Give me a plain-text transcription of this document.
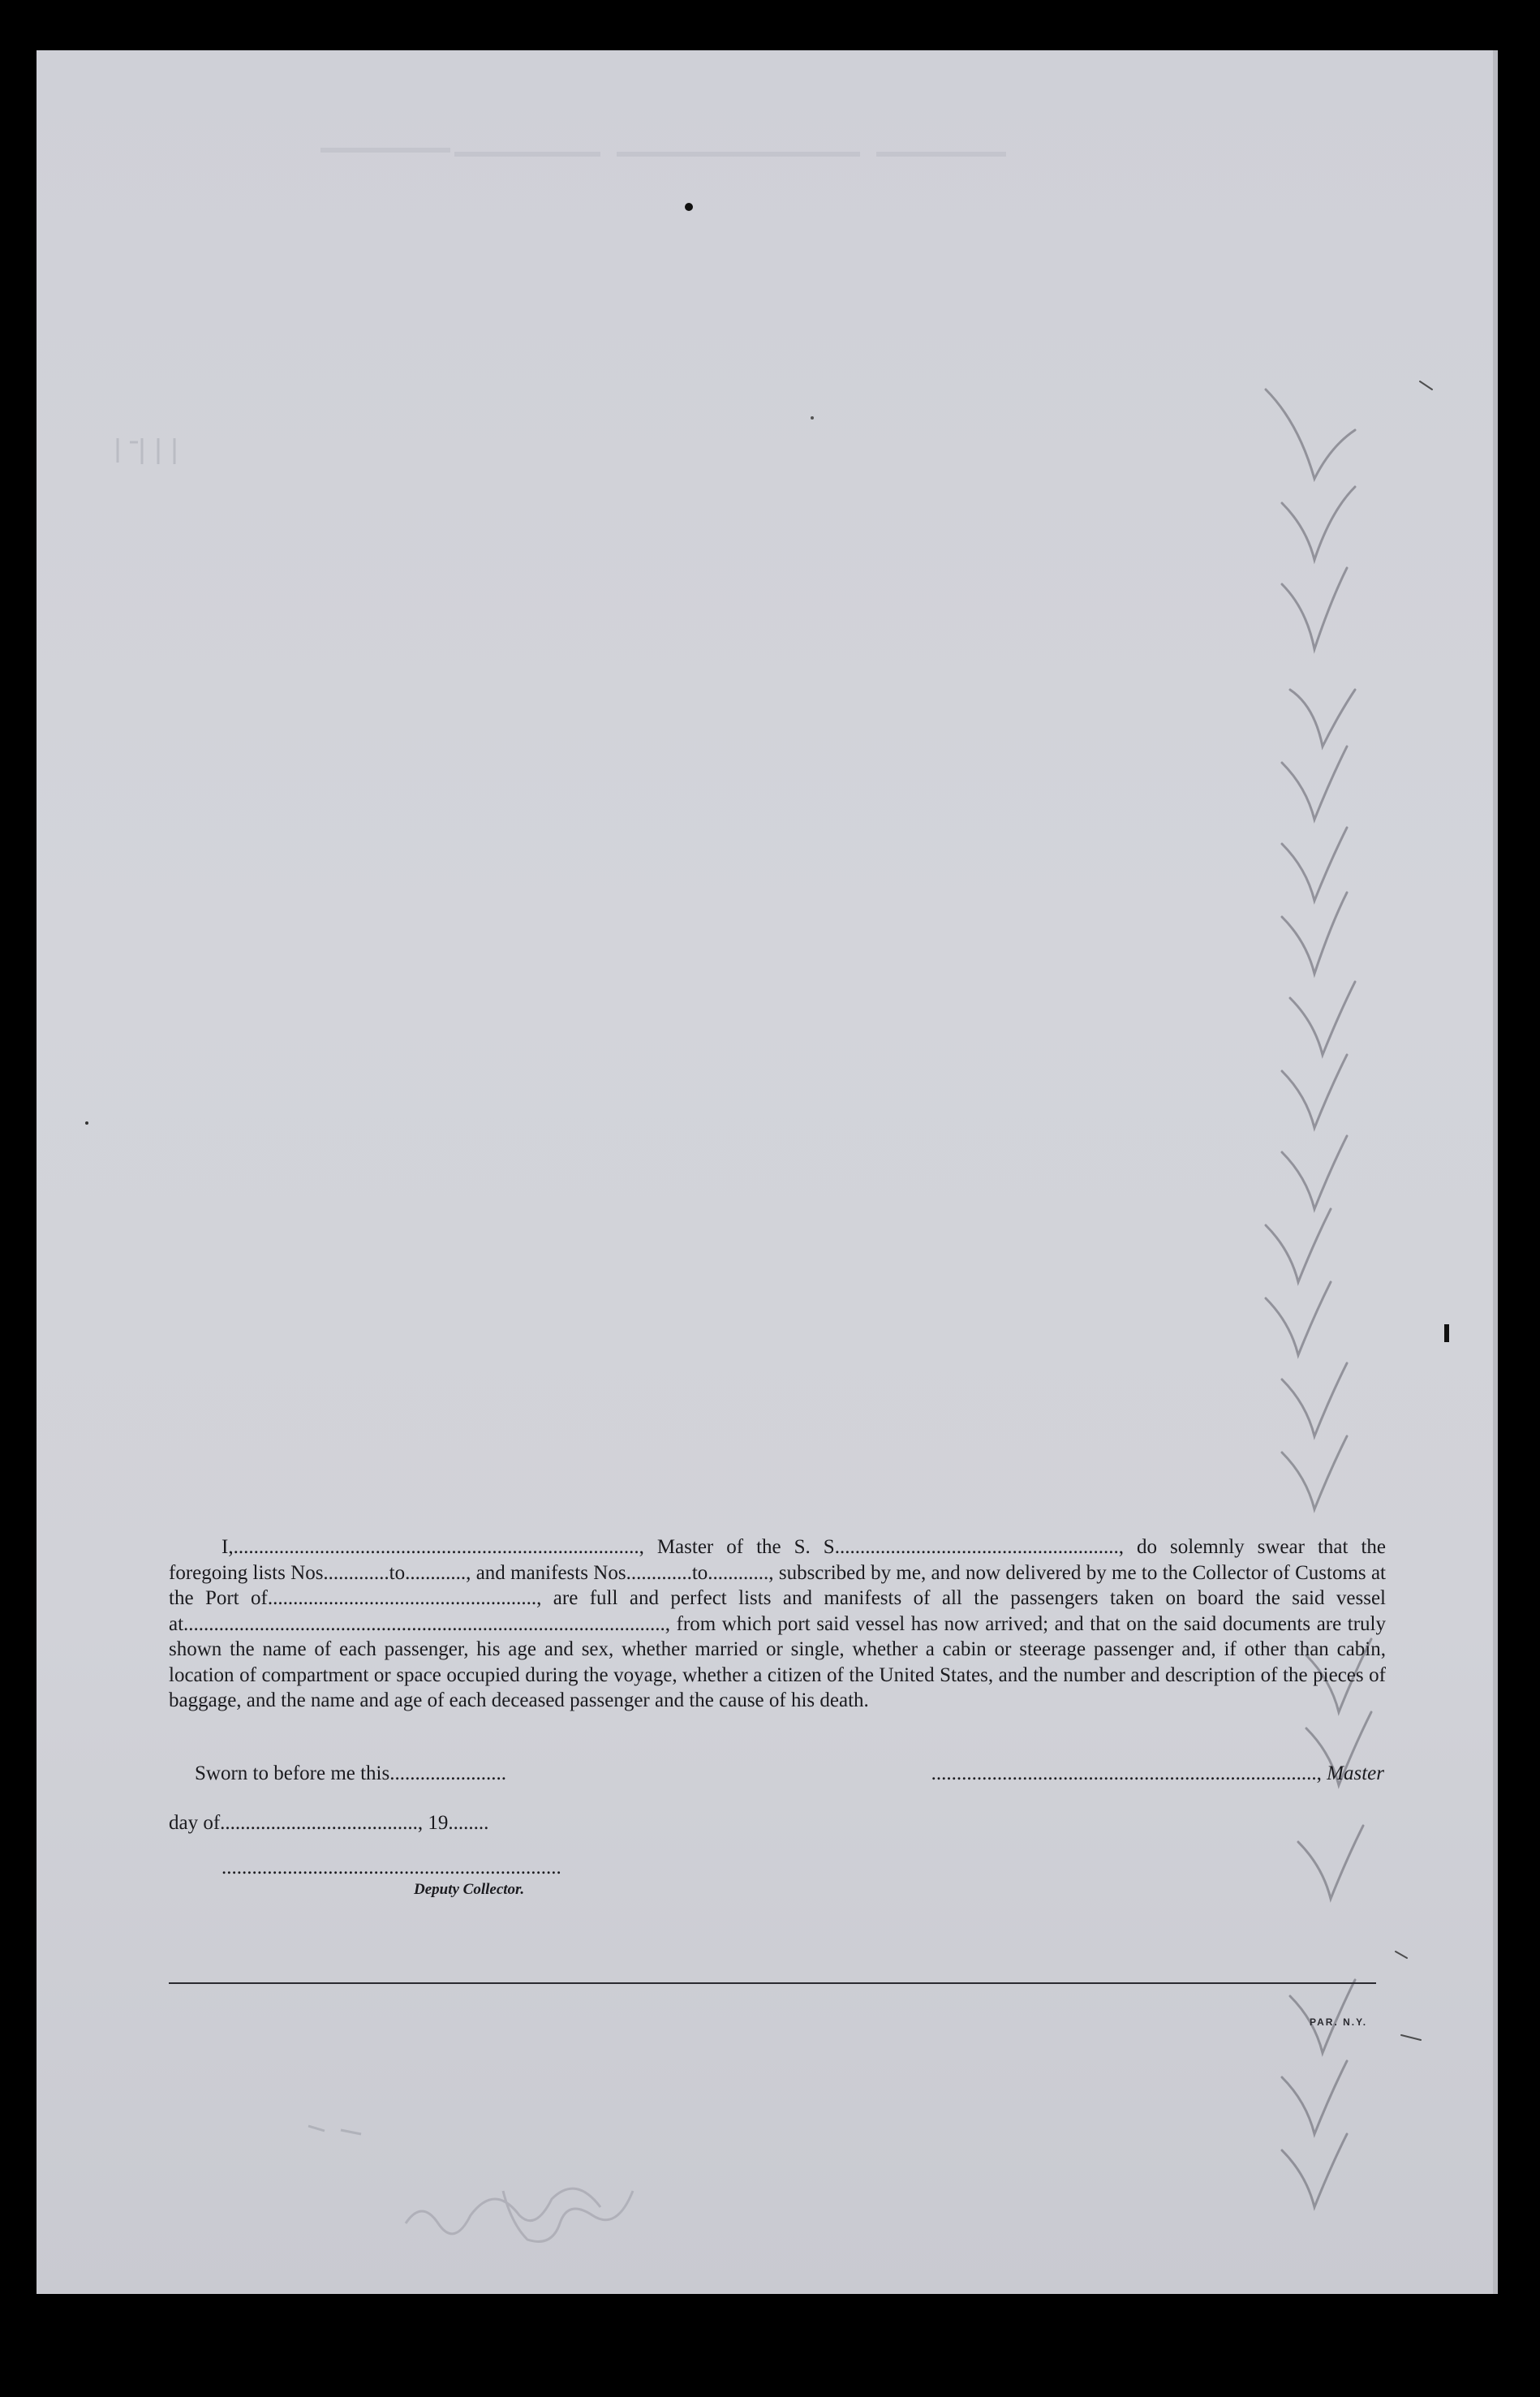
I,................................................................................, Master of the S. S........................................................, do solemnly swear that the foregoing lists Nos.............to............, and manifests Nos.............to............, subscribed by me, and now delivered by me to the Collector of Customs at the Port of....................................................., are full and perfect lists and manifests of all the passengers taken on board the said vessel at..............................................................................................., from which port said vessel has now arrived; and that on the said documents are truly shown the name of each passenger, his age and sex, whether married or single, whether a cabin or steerage passenger and, if other than cabin, location of compartment or space occupied during the voyage, whether a citizen of the United States, and the number and description of the pieces of baggage, and the name and age of each deceased passenger and the cause of his death.

Sworn to before me this.......................	............................................................................, Master
day of......................................., 19........
...................................................................
Deputy Collector.
PAR. N.Y.
